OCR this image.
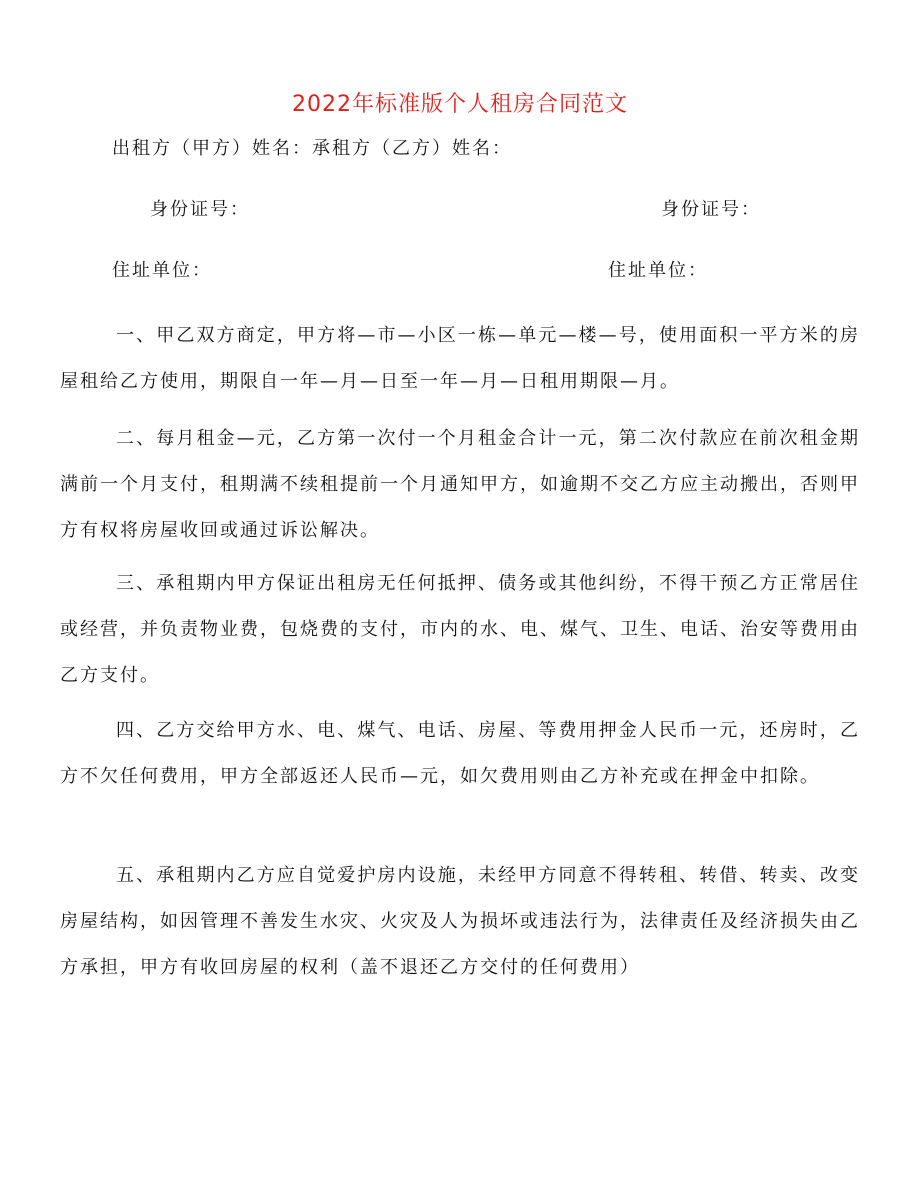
2022年标准版个人租房合同范文
出租方（甲方）姓名：承租方（乙方）姓名：
身份证号：	身份证号：
住址单位：	住址单位：
一、甲乙双方商定，甲方将—市—小区一栋—单元—楼—号，使用面积一平方米的房屋租给乙方使用，期限自一年—月—日至一年—月—日租用期限—月。
二、每月租金—元，乙方第一次付一个月租金合计一元，第二次付款应在前次租金期满前一个月支付，租期满不续租提前一个月通知甲方，如逾期不交乙方应主动搬出，否则甲方有权将房屋收回或通过诉讼解决。
三、承租期内甲方保证出租房无任何抵押、债务或其他纠纷，不得干预乙方正常居住或经营，并负责物业费，包烧费的支付，市内的水、电、煤气、卫生、电话、治安等费用由乙方支付。
四、乙方交给甲方水、电、煤气、电话、房屋、等费用押金人民币一元，还房时，乙方不欠任何费用，甲方全部返还人民币—元，如欠费用则由乙方补充或在押金中扣除。
五、承租期内乙方应自觉爱护房内设施，未经甲方同意不得转租、转借、转卖、改变房屋结构，如因管理不善发生水灾、火灾及人为损坏或违法行为，法律责任及经济损失由乙方承担，甲方有收回房屋的权利（盖不退还乙方交付的任何费用）
